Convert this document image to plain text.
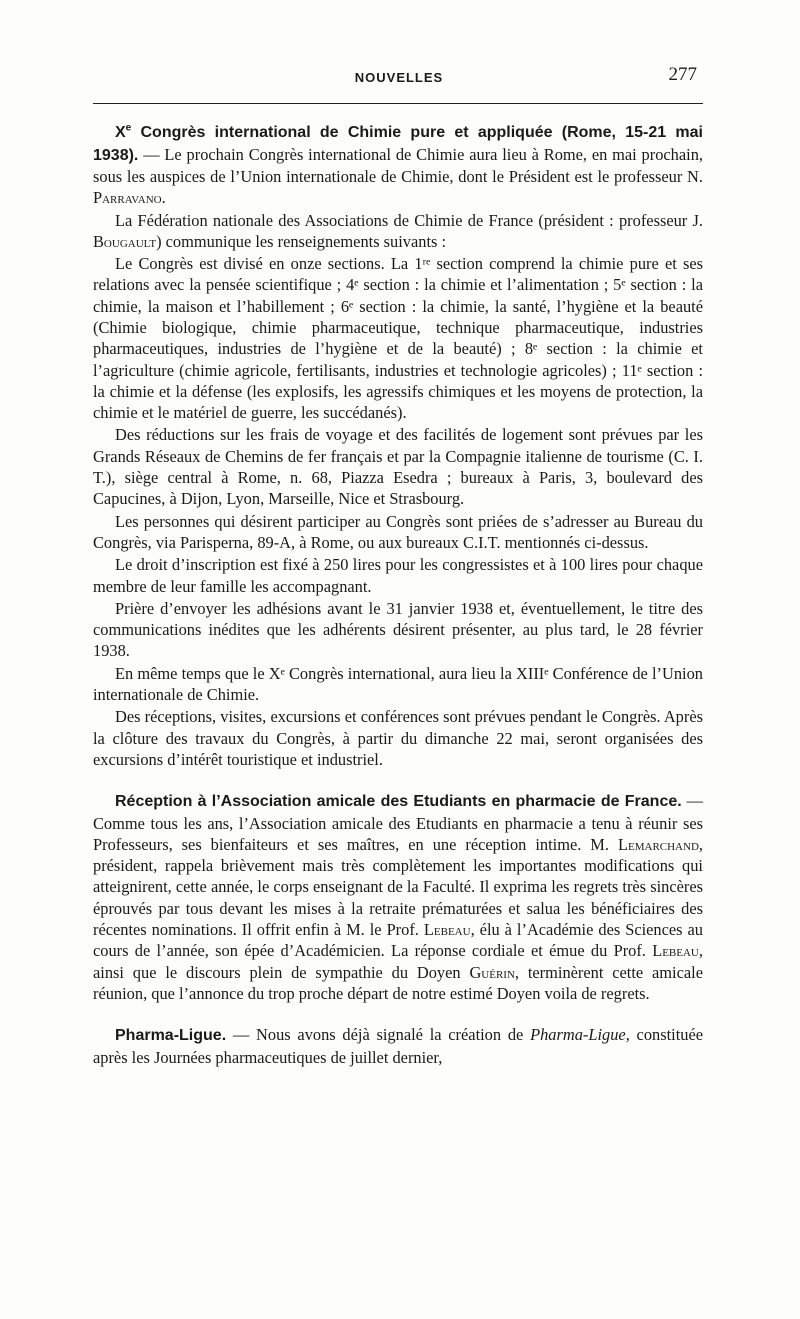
NOUVELLES	277

Xe Congrès international de Chimie pure et appliquée (Rome, 15-21 mai 1938). — Le prochain Congrès international de Chimie aura lieu à Rome, en mai prochain, sous les auspices de l’Union internationale de Chimie, dont le Président est le professeur N. Parravano.

La Fédération nationale des Associations de Chimie de France (président : professeur J. Bougault) communique les renseignements suivants :

Le Congrès est divisé en onze sections. La 1ʳᵉ section comprend la chimie pure et ses relations avec la pensée scientifique ; 4ᵉ section : la chimie et l’alimentation ; 5ᵉ section : la chimie, la maison et l’habillement ; 6ᵉ section : la chimie, la santé, l’hygiène et la beauté (Chimie biologique, chimie pharmaceutique, technique pharmaceutique, industries pharmaceutiques, industries de l’hygiène et de la beauté) ; 8ᵉ section : la chimie et l’agriculture (chimie agricole, fertilisants, industries et technologie agricoles) ; 11ᵉ section : la chimie et la défense (les explosifs, les agressifs chimiques et les moyens de protection, la chimie et le matériel de guerre, les succédanés).

Des réductions sur les frais de voyage et des facilités de logement sont prévues par les Grands Réseaux de Chemins de fer français et par la Compagnie italienne de tourisme (C. I. T.), siège central à Rome, n. 68, Piazza Esedra ; bureaux à Paris, 3, boulevard des Capucines, à Dijon, Lyon, Marseille, Nice et Strasbourg.

Les personnes qui désirent participer au Congrès sont priées de s’adresser au Bureau du Congrès, via Parisperna, 89-A, à Rome, ou aux bureaux C.I.T. mentionnés ci-dessus.

Le droit d’inscription est fixé à 250 lires pour les congressistes et à 100 lires pour chaque membre de leur famille les accompagnant.

Prière d’envoyer les adhésions avant le 31 janvier 1938 et, éventuellement, le titre des communications inédites que les adhérents désirent présenter, au plus tard, le 28 février 1938.

En même temps que le Xᵉ Congrès international, aura lieu la XIIIᵉ Conférence de l’Union internationale de Chimie.

Des réceptions, visites, excursions et conférences sont prévues pendant le Congrès. Après la clôture des travaux du Congrès, à partir du dimanche 22 mai, seront organisées des excursions d’intérêt touristique et industriel.

Réception à l’Association amicale des Etudiants en pharmacie de France. — Comme tous les ans, l’Association amicale des Etudiants en pharmacie a tenu à réunir ses Professeurs, ses bienfaiteurs et ses maîtres, en une réception intime. M. Lemarchand, président, rappela brièvement mais très complètement les importantes modifications qui atteignirent, cette année, le corps enseignant de la Faculté. Il exprima les regrets très sincères éprouvés par tous devant les mises à la retraite prématurées et salua les bénéficiaires des récentes nominations. Il offrit enfin à M. le Prof. Lebeau, élu à l’Académie des Sciences au cours de l’année, son épée d’Académicien. La réponse cordiale et émue du Prof. Lebeau, ainsi que le discours plein de sympathie du Doyen Guérin, terminèrent cette amicale réunion, que l’annonce du trop proche départ de notre estimé Doyen voila de regrets.

Pharma-Ligue. — Nous avons déjà signalé la création de Pharma-Ligue, constituée après les Journées pharmaceutiques de juillet dernier,
